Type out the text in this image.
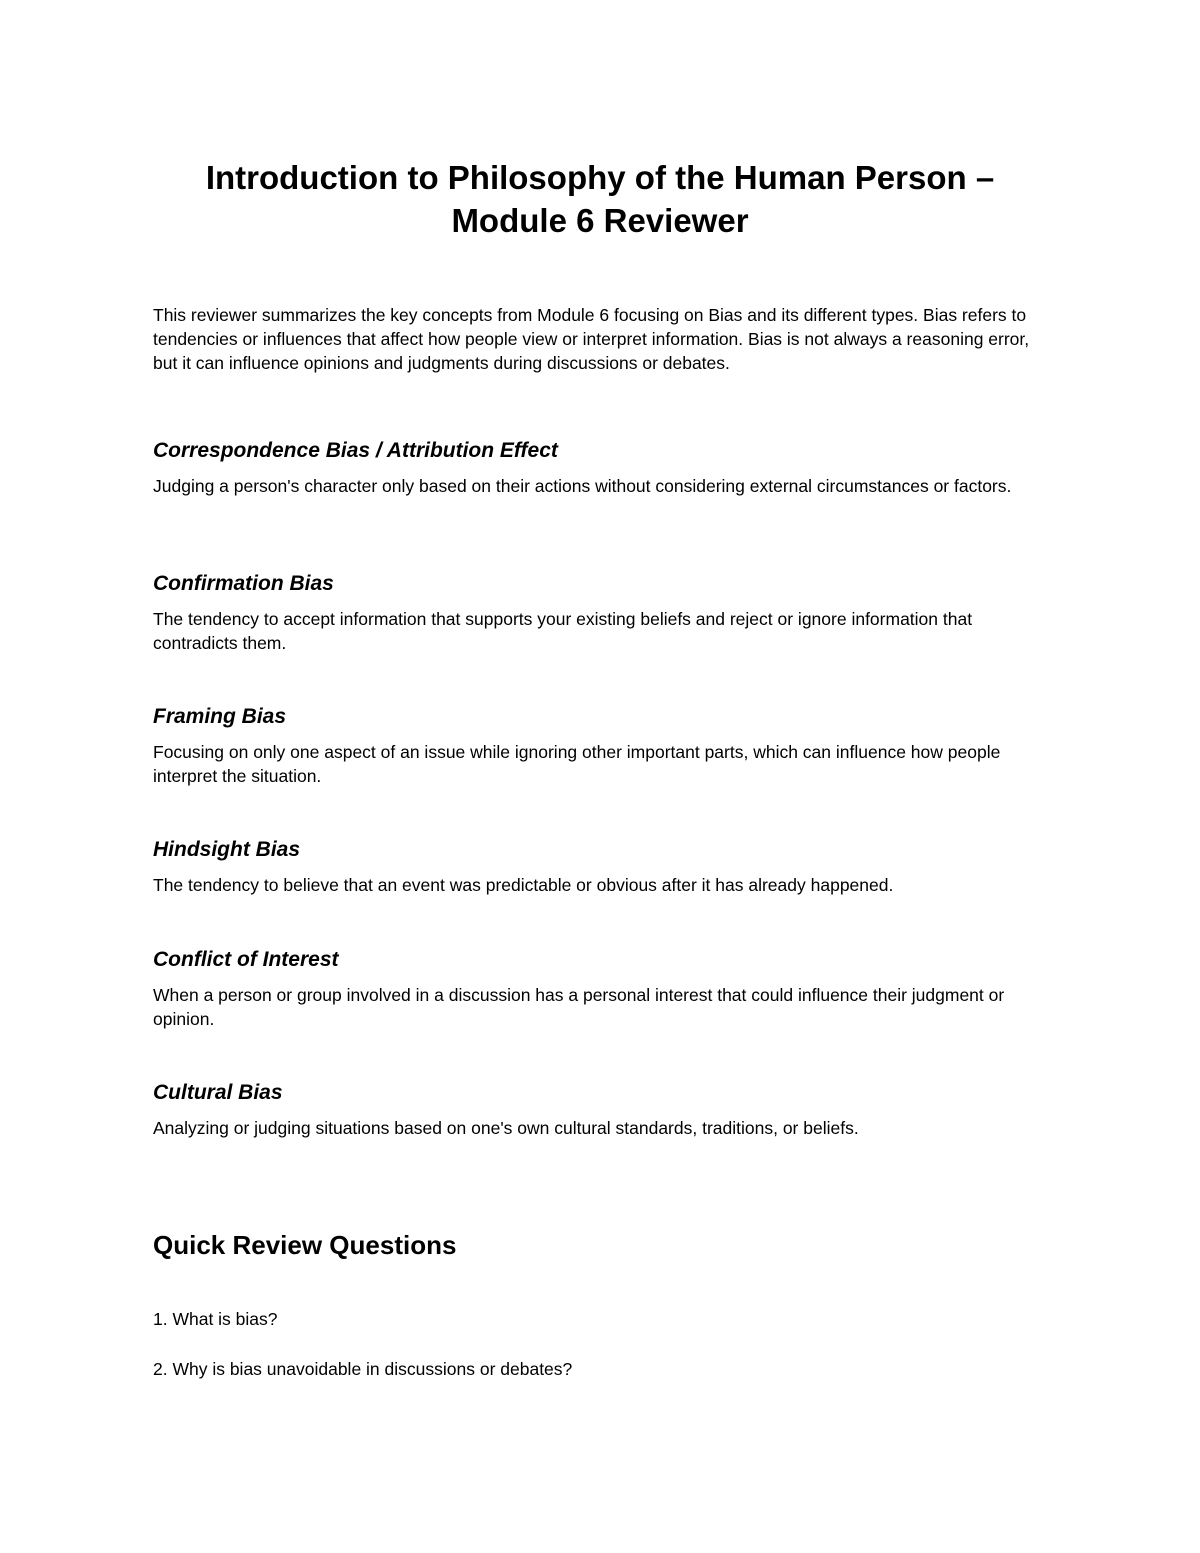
Introduction to Philosophy of the Human Person –
Module 6 Reviewer

This reviewer summarizes the key concepts from Module 6 focusing on Bias and its different types. Bias refers to tendencies or influences that affect how people view or interpret information. Bias is not always a reasoning error, but it can influence opinions and judgments during discussions or debates.

Correspondence Bias / Attribution Effect

Judging a person's character only based on their actions without considering external circumstances or factors.

Confirmation Bias

The tendency to accept information that supports your existing beliefs and reject or ignore information that contradicts them.

Framing Bias

Focusing on only one aspect of an issue while ignoring other important parts, which can influence how people interpret the situation.

Hindsight Bias

The tendency to believe that an event was predictable or obvious after it has already happened.

Conflict of Interest

When a person or group involved in a discussion has a personal interest that could influence their judgment or opinion.

Cultural Bias

Analyzing or judging situations based on one's own cultural standards, traditions, or beliefs.

Quick Review Questions

1. What is bias?

2. Why is bias unavoidable in discussions or debates?
